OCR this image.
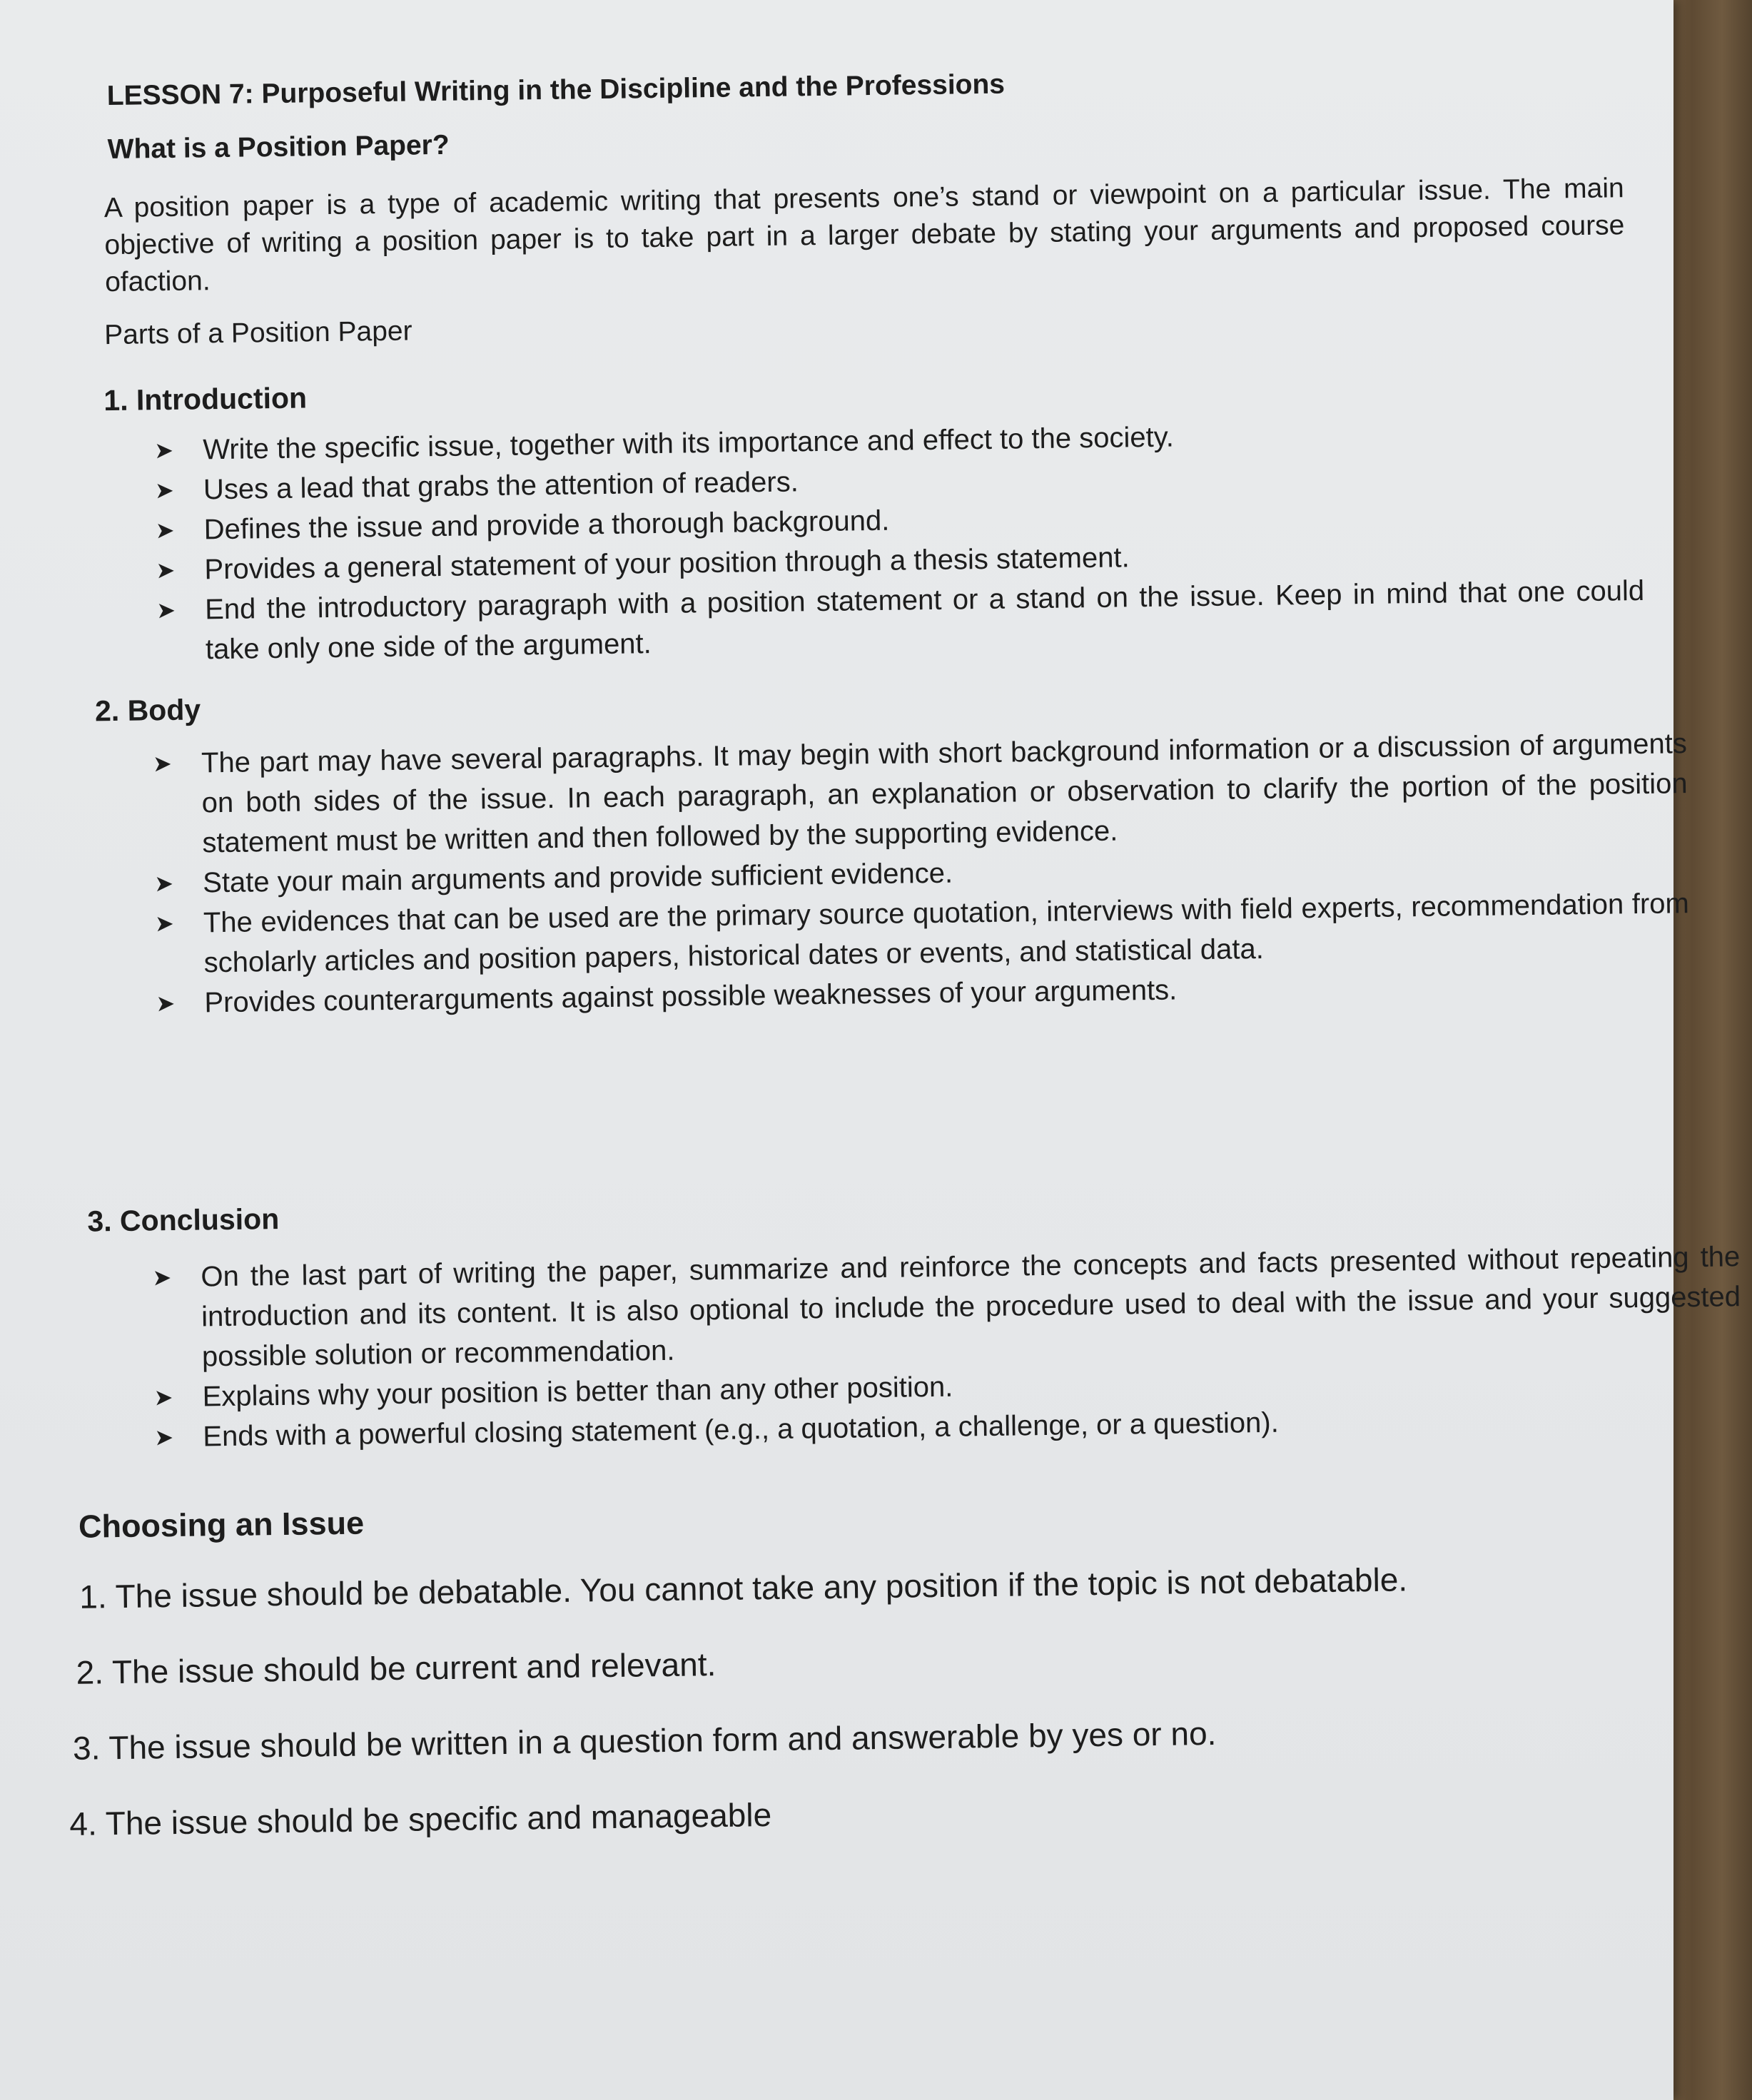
LESSON 7: Purposeful Writing in the Discipline and the Professions
What is a Position Paper?
A position paper is a type of academic writing that presents one’s stand or viewpoint on a particular issue. The main objective of writing a position paper is to take part in a larger debate by stating your arguments and proposed course ofaction.
Parts of a Position Paper
1. Introduction
➤ Write the specific issue, together with its importance and effect to the society.
➤ Uses a lead that grabs the attention of readers.
➤ Defines the issue and provide a thorough background.
➤ Provides a general statement of your position through a thesis statement.
➤ End the introductory paragraph with a position statement or a stand on the issue. Keep in mind that one could take only one side of the argument.
2. Body
➤ The part may have several paragraphs. It may begin with short background information or a discussion of arguments on both sides of the issue. In each paragraph, an explanation or observation to clarify the portion of the position statement must be written and then followed by the supporting evidence.
➤ State your main arguments and provide sufficient evidence.
➤ The evidences that can be used are the primary source quotation, interviews with field experts, recommendation from scholarly articles and position papers, historical dates or events, and statistical data.
➤ Provides counterarguments against possible weaknesses of your arguments.
3. Conclusion
➤ On the last part of writing the paper, summarize and reinforce the concepts and facts presented without repeating the introduction and its content. It is also optional to include the procedure used to deal with the issue and your suggested possible solution or recommendation.
➤ Explains why your position is better than any other position.
➤ Ends with a powerful closing statement (e.g., a quotation, a challenge, or a question).
Choosing an Issue
1. The issue should be debatable. You cannot take any position if the topic is not debatable.
2. The issue should be current and relevant.
3. The issue should be written in a question form and answerable by yes or no.
4. The issue should be specific and manageable
